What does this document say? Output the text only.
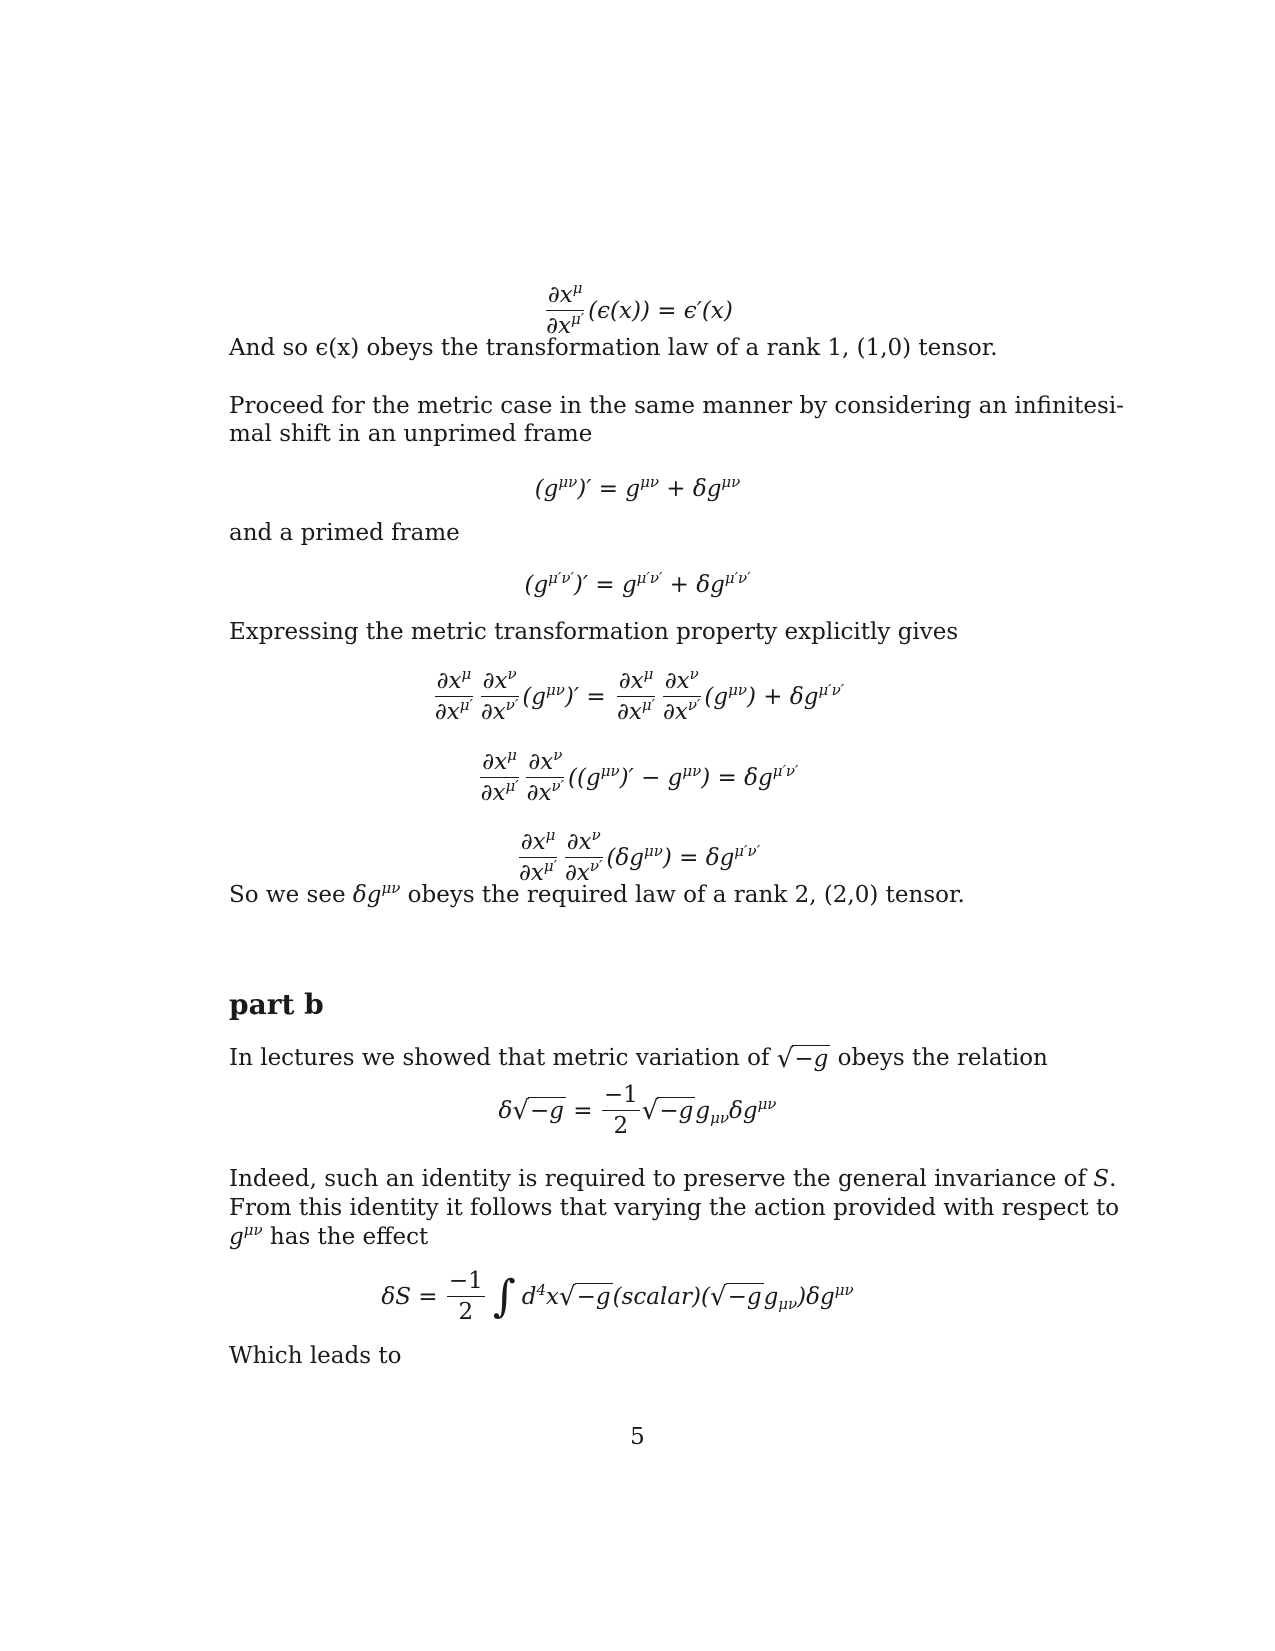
$\frac{\partial x^\mu}{\partial x^{\mu'}} (\epsilon(x)) = \epsilon'(x)$
And so ϵ(x) obeys the transformation law of a rank 1, (1,0) tensor.
Proceed for the metric case in the same manner by considering an infinitesi-
mal shift in an unprimed frame
$(g^{\mu\nu})' = g^{\mu\nu} + \delta g^{\mu\nu}$
and a primed frame
$(g^{\mu'\nu'})' = g^{\mu'\nu'} + \delta g^{\mu'\nu'}$
Expressing the metric transformation property explicitly gives
$\frac{\partial x^\mu}{\partial x^{\mu'}} \frac{\partial x^\nu}{\partial x^{\nu'}} (g^{\mu\nu})' = \frac{\partial x^\mu}{\partial x^{\mu'}} \frac{\partial x^\nu}{\partial x^{\nu'}} (g^{\mu\nu}) + \delta g^{\mu'\nu'}$
$\frac{\partial x^\mu}{\partial x^{\mu'}} \frac{\partial x^\nu}{\partial x^{\nu'}} ((g^{\mu\nu})' - g^{\mu\nu}) = \delta g^{\mu'\nu'}$
$\frac{\partial x^\mu}{\partial x^{\mu'}} \frac{\partial x^\nu}{\partial x^{\nu'}} (\delta g^{\mu\nu}) = \delta g^{\mu'\nu'}$
So we see $\delta g^{\mu\nu}$ obeys the required law of a rank 2, (2,0) tensor.
part b
In lectures we showed that metric variation of √ −g obeys the relation
δ √ $-g = \frac{-1}{2}$ √ −g $g_{\mu\nu}\delta g^{\mu\nu}$
Indeed, such an identity is required to preserve the general invariance of S.
From this identity it follows that varying the action provided with respect to
$g^{\mu\nu}$ has the effect
$\delta S = \frac{-1}{2}$ ∫ $d^4x$ √ −g (scalar)( √ −g $g_{\mu\nu})\delta g^{\mu\nu}$
Which leads to
5
